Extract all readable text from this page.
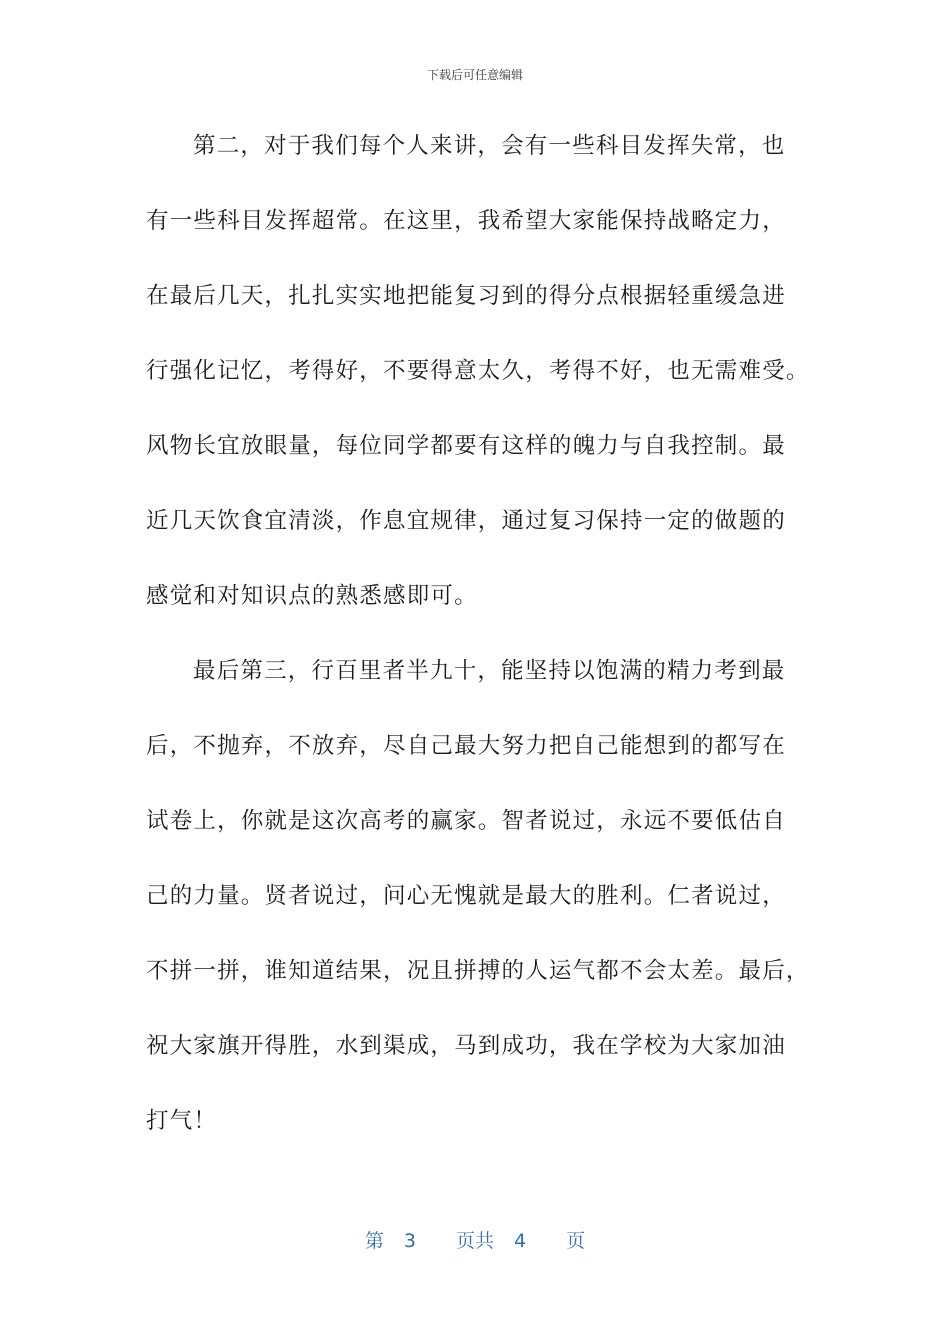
下载后可任意编辑
第二，对于我们每个人来讲，会有一些科目发挥失常，也
有一些科目发挥超常。在这里，我希望大家能保持战略定力，
在最后几天，扎扎实实地把能复习到的得分点根据轻重缓急进
行强化记忆，考得好，不要得意太久，考得不好，也无需难受。
风物长宜放眼量，每位同学都要有这样的魄力与自我控制。最
近几天饮食宜清淡，作息宜规律，通过复习保持一定的做题的
感觉和对知识点的熟悉感即可。
最后第三，行百里者半九十，能坚持以饱满的精力考到最
后，不抛弃，不放弃，尽自己最大努力把自己能想到的都写在
试卷上，你就是这次高考的赢家。智者说过，永远不要低估自
己的力量。贤者说过，问心无愧就是最大的胜利。仁者说过，
不拼一拼，谁知道结果，况且拼搏的人运气都不会太差。最后，
祝大家旗开得胜，水到渠成，马到成功，我在学校为大家加油
打气！
第 3 页共 4 页
